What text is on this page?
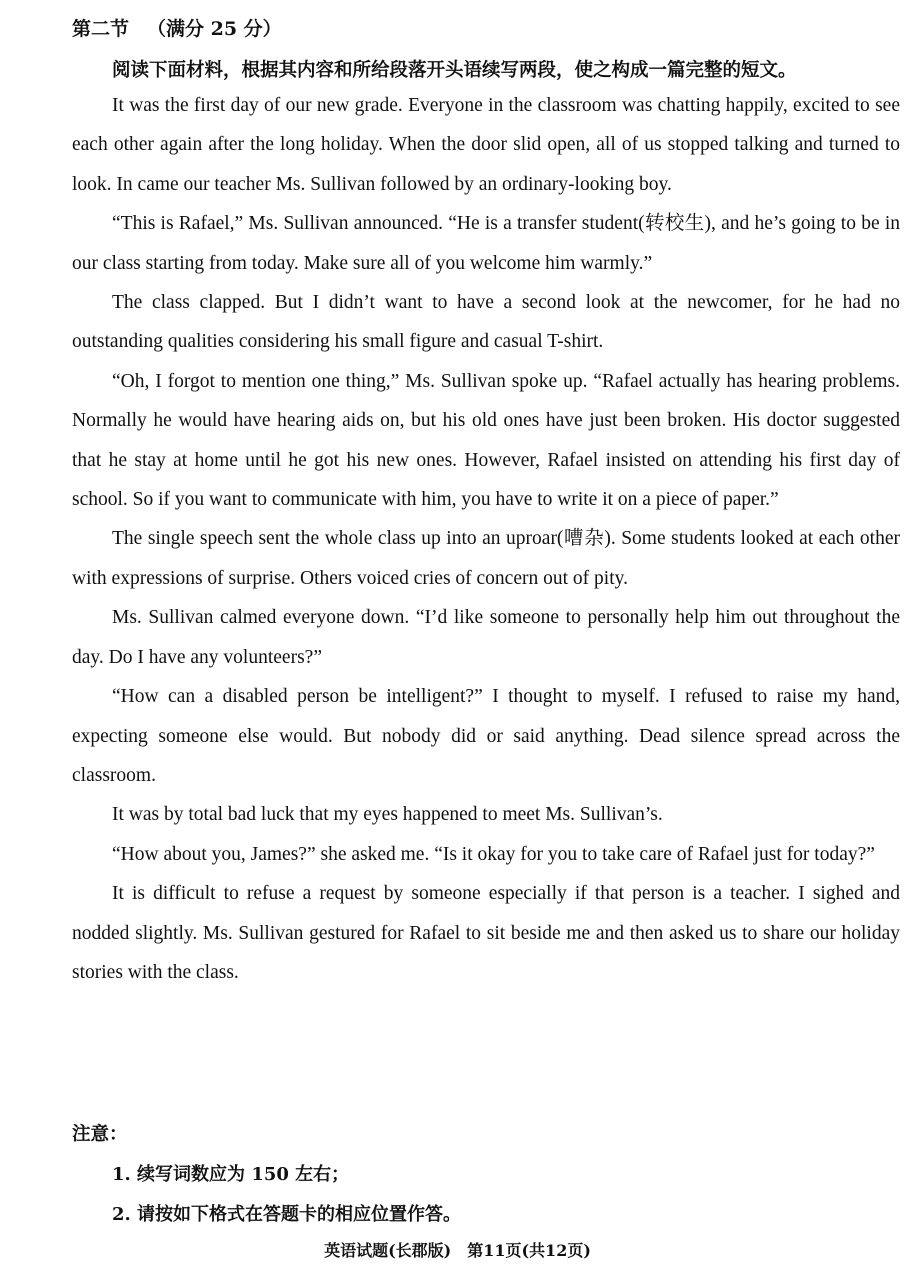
第二节 （满分 25 分）
阅读下面材料，根据其内容和所给段落开头语续写两段，使之构成一篇完整的短文。

It was the first day of our new grade. Everyone in the classroom was chatting happily, excited to see each other again after the long holiday. When the door slid open, all of us stopped talking and turned to look. In came our teacher Ms. Sullivan followed by an ordinary-looking boy.

“This is Rafael,” Ms. Sullivan announced. “He is a transfer student(转校生), and he’s going to be in our class starting from today. Make sure all of you welcome him warmly.”

The class clapped. But I didn’t want to have a second look at the newcomer, for he had no outstanding qualities considering his small figure and casual T-shirt.

“Oh, I forgot to mention one thing,” Ms. Sullivan spoke up. “Rafael actually has hearing problems. Normally he would have hearing aids on, but his old ones have just been broken. His doctor suggested that he stay at home until he got his new ones. However, Rafael insisted on attending his first day of school. So if you want to communicate with him, you have to write it on a piece of paper.”

The single speech sent the whole class up into an uproar(嘈杂). Some students looked at each other with expressions of surprise. Others voiced cries of concern out of pity.

Ms. Sullivan calmed everyone down. “I’d like someone to personally help him out throughout the day. Do I have any volunteers?”

“How can a disabled person be intelligent?” I thought to myself. I refused to raise my hand, expecting someone else would. But nobody did or said anything. Dead silence spread across the classroom.

It was by total bad luck that my eyes happened to meet Ms. Sullivan’s.

“How about you, James?” she asked me. “Is it okay for you to take care of Rafael just for today?”

It is difficult to refuse a request by someone especially if that person is a teacher. I sighed and nodded slightly. Ms. Sullivan gestured for Rafael to sit beside me and then asked us to share our holiday stories with the class.

注意：
1. 续写词数应为 150 左右；
2. 请按如下格式在答题卡的相应位置作答。
英语试题(长郡版)　第11页(共12页)
